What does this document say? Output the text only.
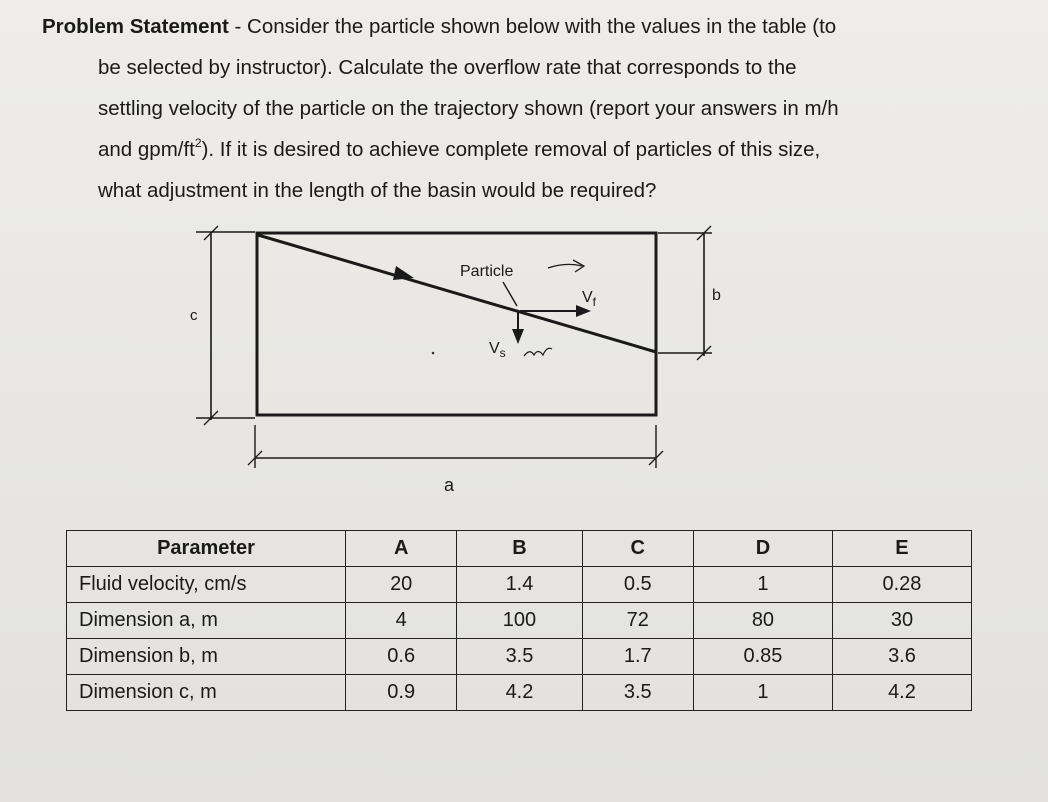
Problem Statement - Consider the particle shown below with the values in the table (to

be selected by instructor). Calculate the overflow rate that corresponds to the

settling velocity of the particle on the trajectory shown (report your answers in m/h

and gpm/$ft^2$). If it is desired to achieve complete removal of particles of this size,

what adjustment in the length of the basin would be required?

c
b
a
Particle
$V_f$
$V_s$
Parameter	A	B	C	D	E
Fluid velocity, cm/s	20	1.4	0.5	1	0.28
Dimension a, m	4	100	72	80	30
Dimension b, m	0.6	3.5	1.7	0.85	3.6
Dimension c, m	0.9	4.2	3.5	1	4.2
